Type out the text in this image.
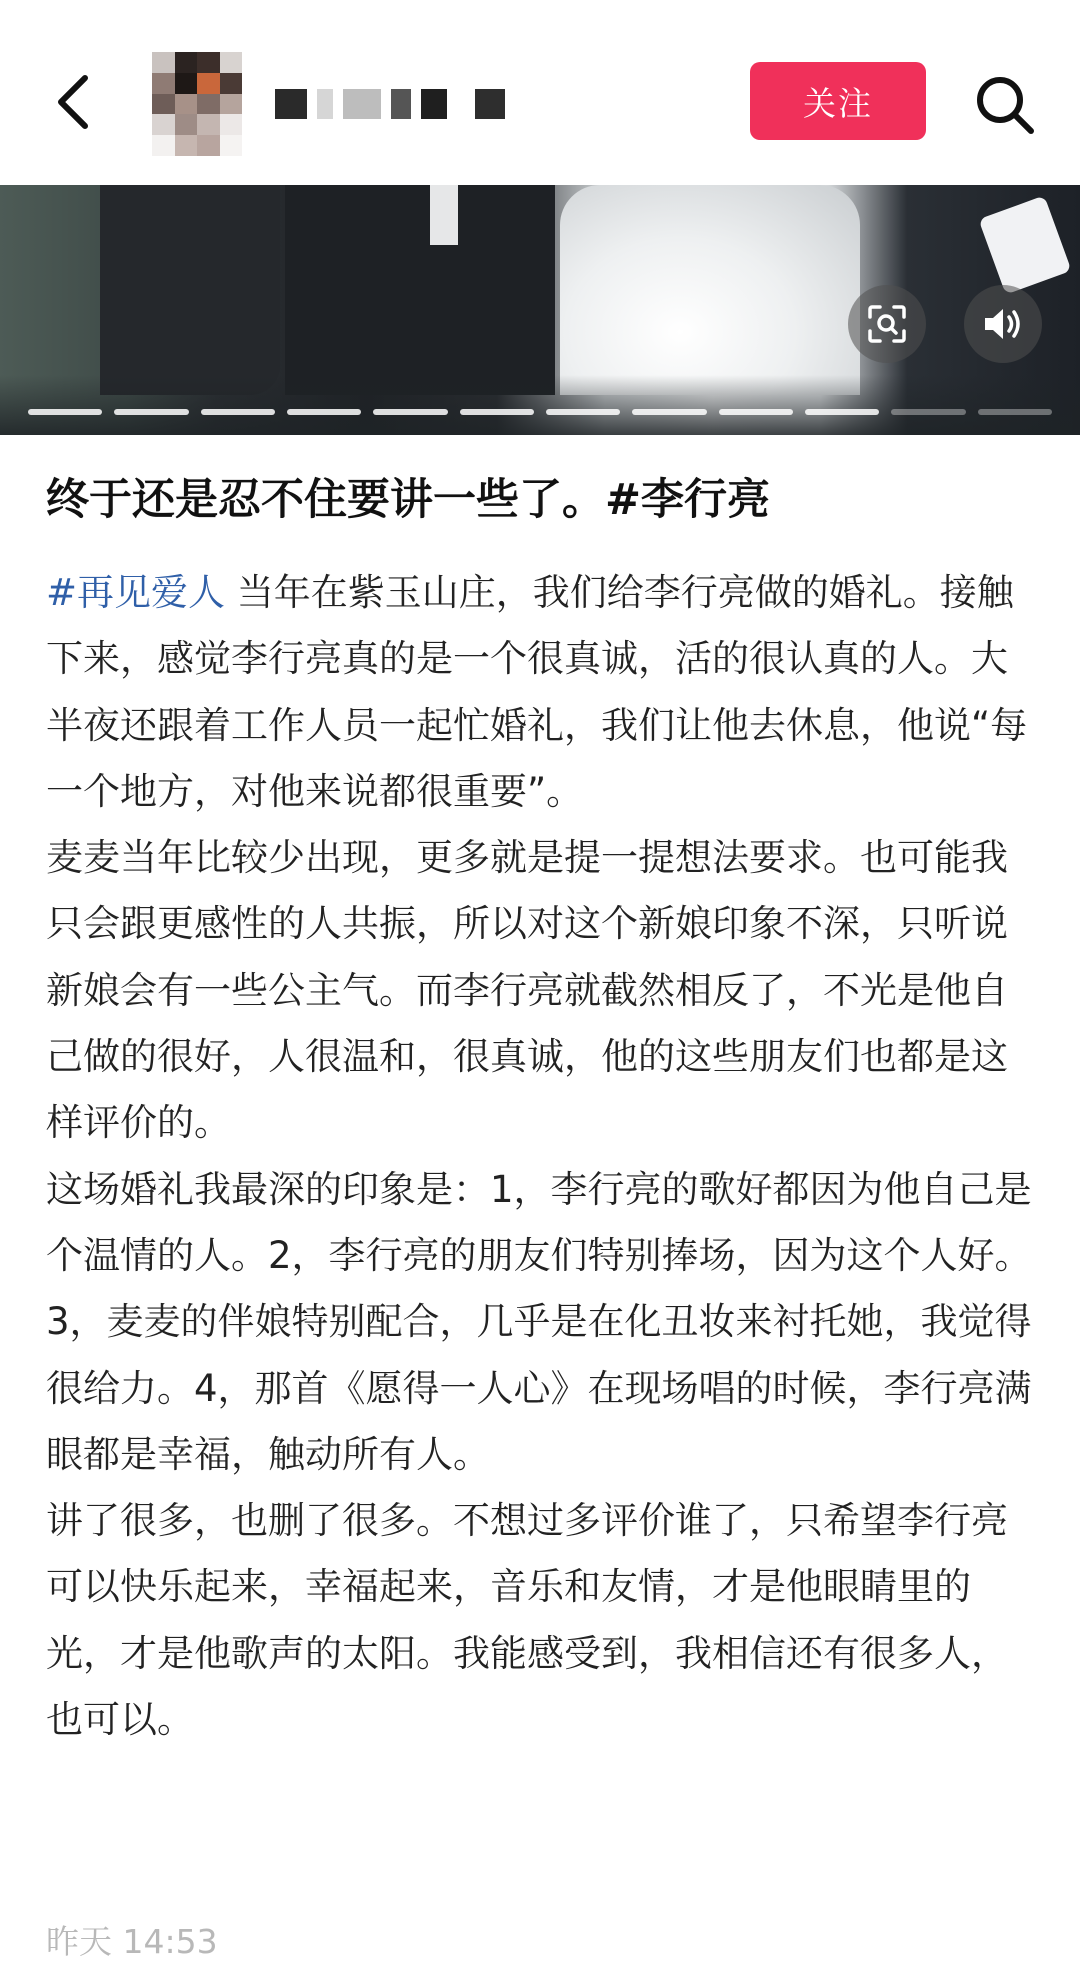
关注
终于还是忍不住要讲一些了。#李行亮

#再见爱人 当年在紫玉山庄，我们给李行亮做的婚礼。接触下来，感觉李行亮真的是一个很真诚，活的很认真的人。大半夜还跟着工作人员一起忙婚礼，我们让他去休息，他说“每一个地方，对他来说都很重要”。

麦麦当年比较少出现，更多就是提一提想法要求。也可能我只会跟更感性的人共振，所以对这个新娘印象不深，只听说新娘会有一些公主气。而李行亮就截然相反了，不光是他自己做的很好，人很温和，很真诚，他的这些朋友们也都是这样评价的。

这场婚礼我最深的印象是：1，李行亮的歌好都因为他自己是个温情的人。2，李行亮的朋友们特别捧场，因为这个人好。3，麦麦的伴娘特别配合，几乎是在化丑妆来衬托她，我觉得很给力。4，那首《愿得一人心》在现场唱的时候，李行亮满眼都是幸福，触动所有人。

讲了很多，也删了很多。不想过多评价谁了，只希望李行亮可以快乐起来，幸福起来，音乐和友情，才是他眼睛里的光，才是他歌声的太阳。我能感受到，我相信还有很多人，也可以。

昨天 14:53
